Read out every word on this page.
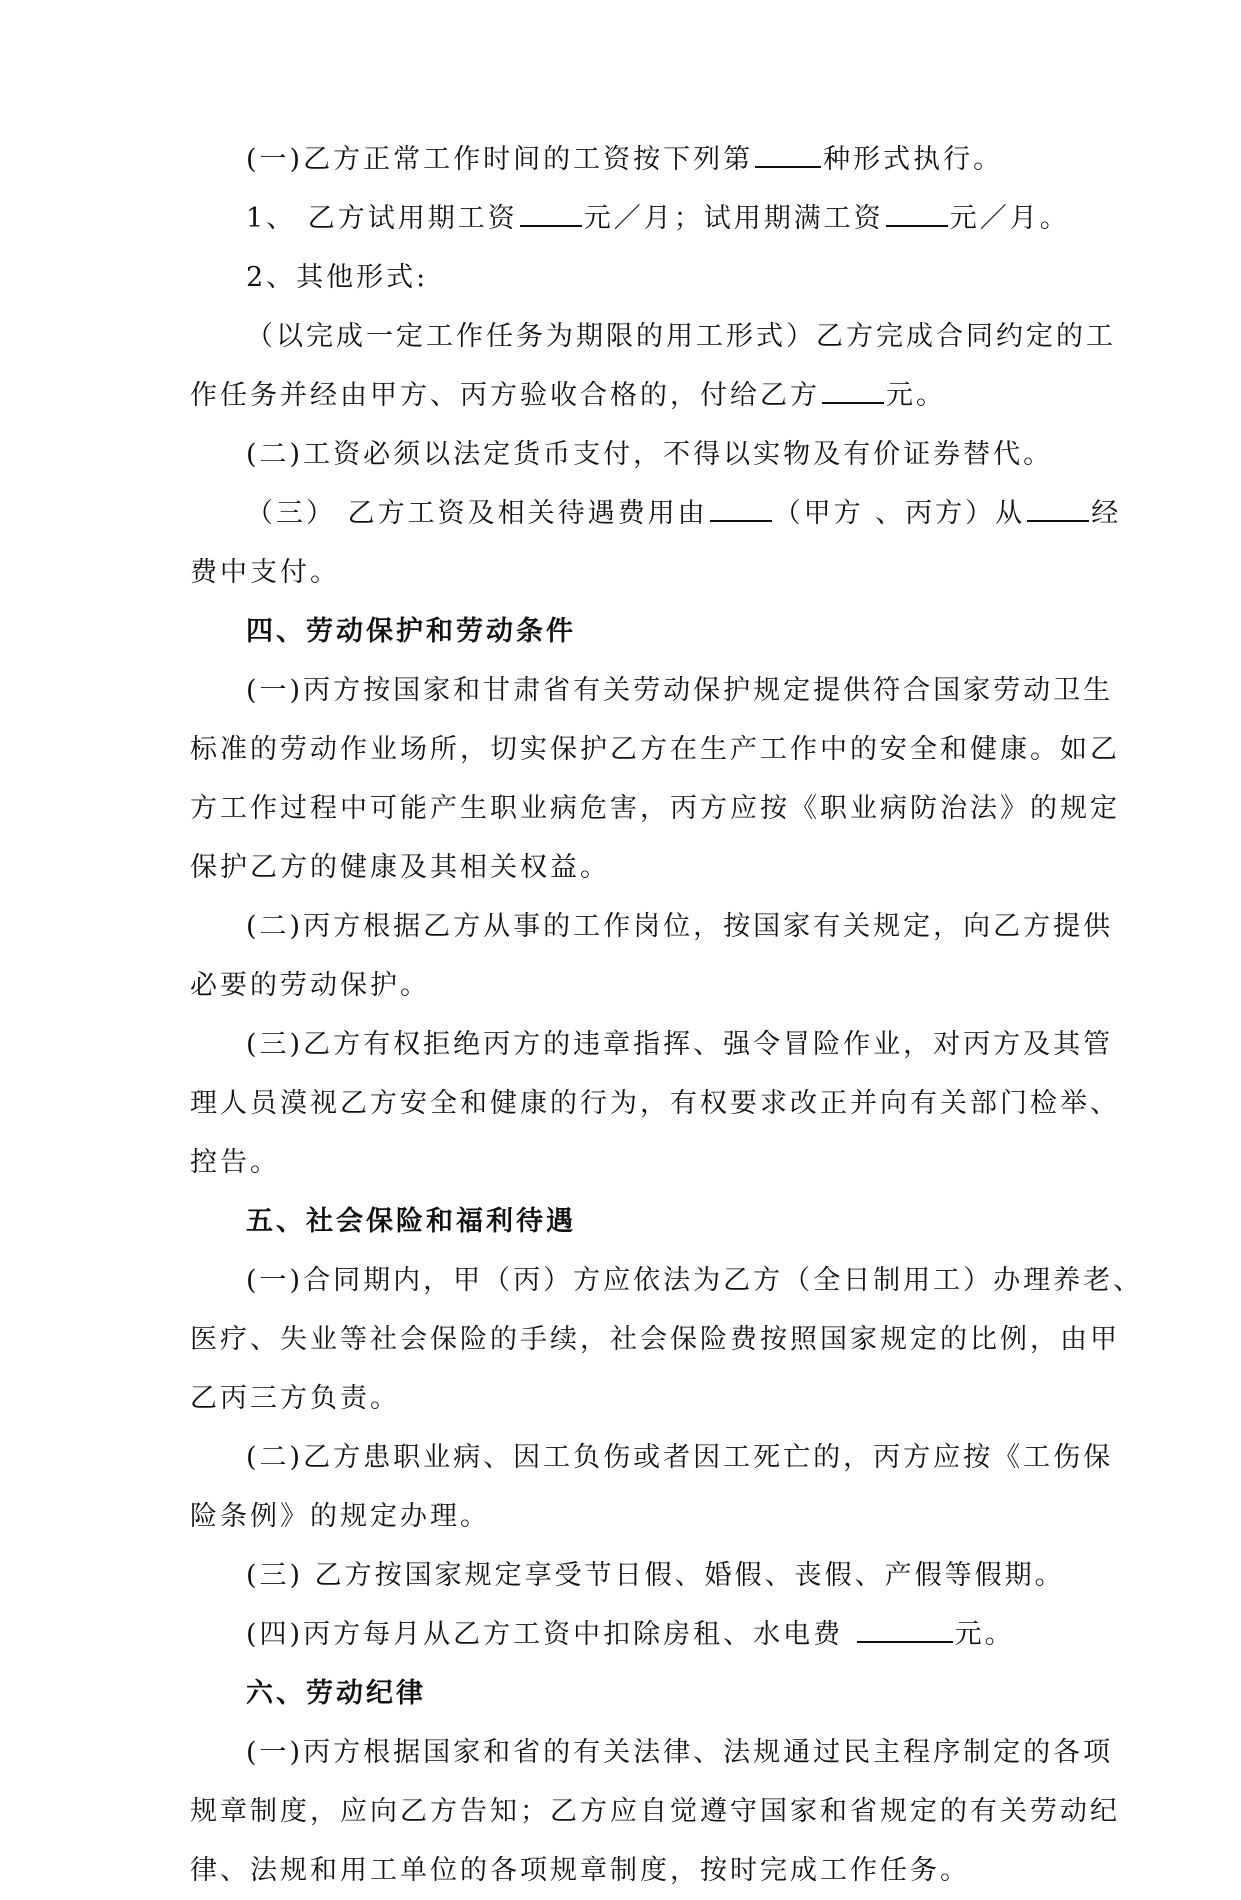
(一)乙方正常工作时间的工资按下列第	种形式执行。
1、 乙方试用期工资 元／月；试用期满工资 元／月。
2、其他形式:
（以完成一定工作任务为期限的用工形式）乙方完成合同约定的工
作任务并经由甲方、丙方验收合格的，付给乙方 元。
(二)工资必须以法定货币支付，不得以实物及有价证券替代。
（三） 乙方工资及相关待遇费用由 （甲方 、丙方）从 经
费中支付。
四、劳动保护和劳动条件
(一)丙方按国家和甘肃省有关劳动保护规定提供符合国家劳动卫生
标准的劳动作业场所，切实保护乙方在生产工作中的安全和健康。如乙
方工作过程中可能产生职业病危害，丙方应按《职业病防治法》的规定
保护乙方的健康及其相关权益。
(二)丙方根据乙方从事的工作岗位，按国家有关规定，向乙方提供
必要的劳动保护。
(三)乙方有权拒绝丙方的违章指挥、强令冒险作业，对丙方及其管
理人员漠视乙方安全和健康的行为，有权要求改正并向有关部门检举、
控告。
五、社会保险和福利待遇
(一)合同期内，甲（丙）方应依法为乙方（全日制用工）办理养老、
医疗、失业等社会保险的手续，社会保险费按照国家规定的比例，由甲
乙丙三方负责。
(二)乙方患职业病、因工负伤或者因工死亡的，丙方应按《工伤保
险条例》的规定办理。
(三) 乙方按国家规定享受节日假、婚假、丧假、产假等假期。
(四)丙方每月从乙方工资中扣除房租、水电费	元。
六、劳动纪律
(一)丙方根据国家和省的有关法律、法规通过民主程序制定的各项
规章制度，应向乙方告知；乙方应自觉遵守国家和省规定的有关劳动纪
律、法规和用工单位的各项规章制度，按时完成工作任务。
